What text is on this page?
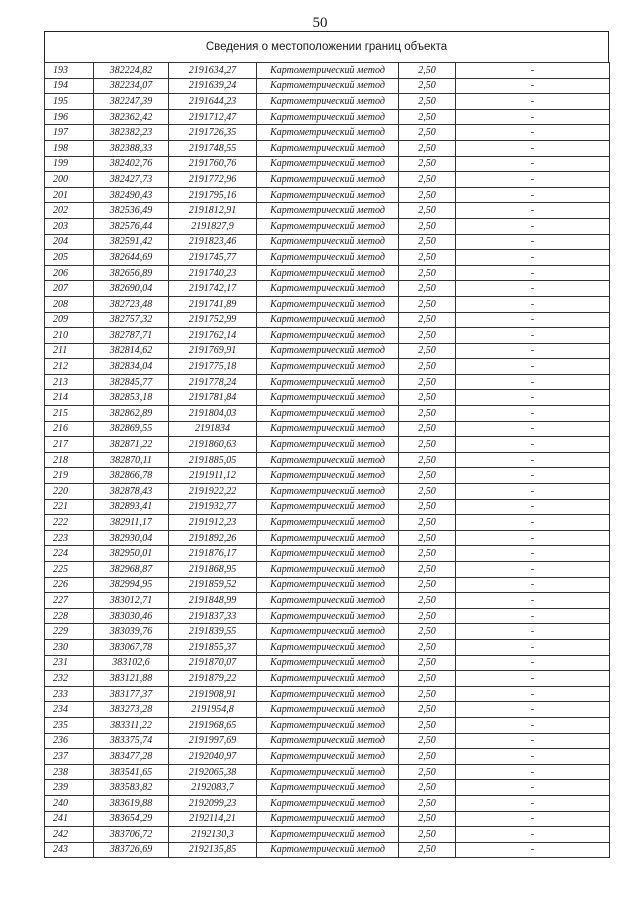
50
Сведения о местоположении границ объекта
193	382224,82	2191634,27	Картометрический метод	2,50	-
194	382234,07	2191639,24	Картометрический метод	2,50	-
195	382247,39	2191644,23	Картометрический метод	2,50	-
196	382362,42	2191712,47	Картометрический метод	2,50	-
197	382382,23	2191726,35	Картометрический метод	2,50	-
198	382388,33	2191748,55	Картометрический метод	2,50	-
199	382402,76	2191760,76	Картометрический метод	2,50	-
200	382427,73	2191772,96	Картометрический метод	2,50	-
201	382490,43	2191795,16	Картометрический метод	2,50	-
202	382536,49	2191812,91	Картометрический метод	2,50	-
203	382576,44	2191827,9	Картометрический метод	2,50	-
204	382591,42	2191823,46	Картометрический метод	2,50	-
205	382644,69	2191745,77	Картометрический метод	2,50	-
206	382656,89	2191740,23	Картометрический метод	2,50	-
207	382690,04	2191742,17	Картометрический метод	2,50	-
208	382723,48	2191741,89	Картометрический метод	2,50	-
209	382757,32	2191752,99	Картометрический метод	2,50	-
210	382787,71	2191762,14	Картометрический метод	2,50	-
211	382814,62	2191769,91	Картометрический метод	2,50	-
212	382834,04	2191775,18	Картометрический метод	2,50	-
213	382845,77	2191778,24	Картометрический метод	2,50	-
214	382853,18	2191781,84	Картометрический метод	2,50	-
215	382862,89	2191804,03	Картометрический метод	2,50	-
216	382869,55	2191834	Картометрический метод	2,50	-
217	382871,22	2191860,63	Картометрический метод	2,50	-
218	382870,11	2191885,05	Картометрический метод	2,50	-
219	382866,78	2191911,12	Картометрический метод	2,50	-
220	382878,43	2191922,22	Картометрический метод	2,50	-
221	382893,41	2191932,77	Картометрический метод	2,50	-
222	382911,17	2191912,23	Картометрический метод	2,50	-
223	382930,04	2191892,26	Картометрический метод	2,50	-
224	382950,01	2191876,17	Картометрический метод	2,50	-
225	382968,87	2191868,95	Картометрический метод	2,50	-
226	382994,95	2191859,52	Картометрический метод	2,50	-
227	383012,71	2191848,99	Картометрический метод	2,50	-
228	383030,46	2191837,33	Картометрический метод	2,50	-
229	383039,76	2191839,55	Картометрический метод	2,50	-
230	383067,78	2191855,37	Картометрический метод	2,50	-
231	383102,6	2191870,07	Картометрический метод	2,50	-
232	383121,88	2191879,22	Картометрический метод	2,50	-
233	383177,37	2191908,91	Картометрический метод	2,50	-
234	383273,28	2191954,8	Картометрический метод	2,50	-
235	383311,22	2191968,65	Картометрический метод	2,50	-
236	383375,74	2191997,69	Картометрический метод	2,50	-
237	383477,28	2192040,97	Картометрический метод	2,50	-
238	383541,65	2192065,38	Картометрический метод	2,50	-
239	383583,82	2192083,7	Картометрический метод	2,50	-
240	383619,88	2192099,23	Картометрический метод	2,50	-
241	383654,29	2192114,21	Картометрический метод	2,50	-
242	383706,72	2192130,3	Картометрический метод	2,50	-
243	383726,69	2192135,85	Картометрический метод	2,50	-
